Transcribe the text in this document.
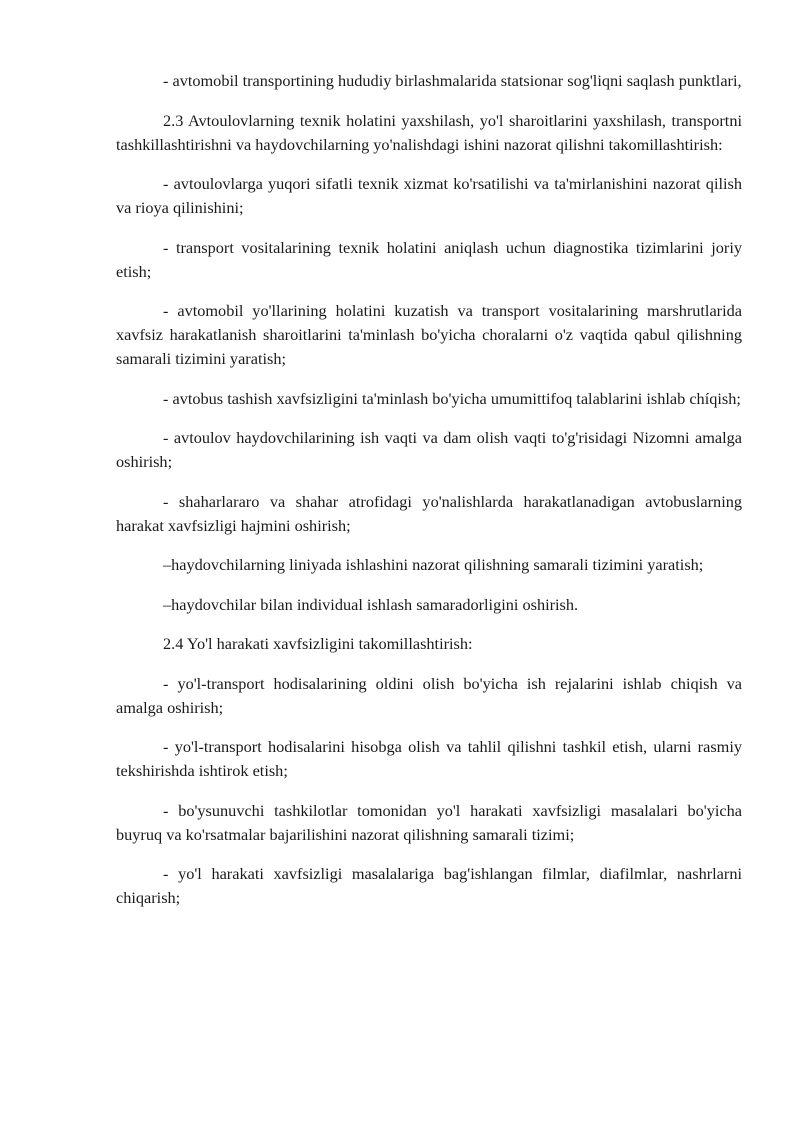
- avtomobil transportining hududiy birlashmalarida statsionar sog'liqni saqlash punktlari,

2.3 Avtoulovlarning texnik holatini yaxshilash, yo'l sharoitlarini yaxshilash, transportni tashkillashtirishni va haydovchilarning yo'nalishdagi ishini nazorat qilishni takomillashtirish:

- avtoulovlarga yuqori sifatli texnik xizmat ko'rsatilishi va ta'mirlanishini nazorat qilish va rioya qilinishini;

- transport vositalarining texnik holatini aniqlash uchun diagnostika tizimlarini joriy etish;

- avtomobil yo'llarining holatini kuzatish va transport vositalarining marshrutlarida xavfsiz harakatlanish sharoitlarini ta'minlash bo'yicha choralarni o'z vaqtida qabul qilishning samarali tizimini yaratish;

- avtobus tashish xavfsizligini ta'minlash bo'yicha umumittifoq talablarini ishlab chíqish;

- avtoulov haydovchilarining ish vaqti va dam olish vaqti to'g'risidagi Nizomni amalga oshirish;

- shaharlararo va shahar atrofidagi yo'nalishlarda harakatlanadigan avtobuslarning harakat xavfsizligi hajmini oshirish;

–haydovchilarning liniyada ishlashini nazorat qilishning samarali tizimini yaratish;

–haydovchilar bilan individual ishlash samaradorligini oshirish.

2.4 Yo'l harakati xavfsizligini takomillashtirish:

- yo'l-transport hodisalarining oldini olish bo'yicha ish rejalarini ishlab chiqish va amalga oshirish;

- yo'l-transport hodisalarini hisobga olish va tahlil qilishni tashkil etish, ularni rasmiy tekshirishda ishtirok etish;

- bo'ysunuvchi tashkilotlar tomonidan yo'l harakati xavfsizligi masalalari bo'yicha buyruq va ko'rsatmalar bajarilishini nazorat qilishning samarali tizimi;

- yo'l harakati xavfsizligi masalalariga bag'ishlangan filmlar, diafilmlar, nashrlarni chiqarish;
